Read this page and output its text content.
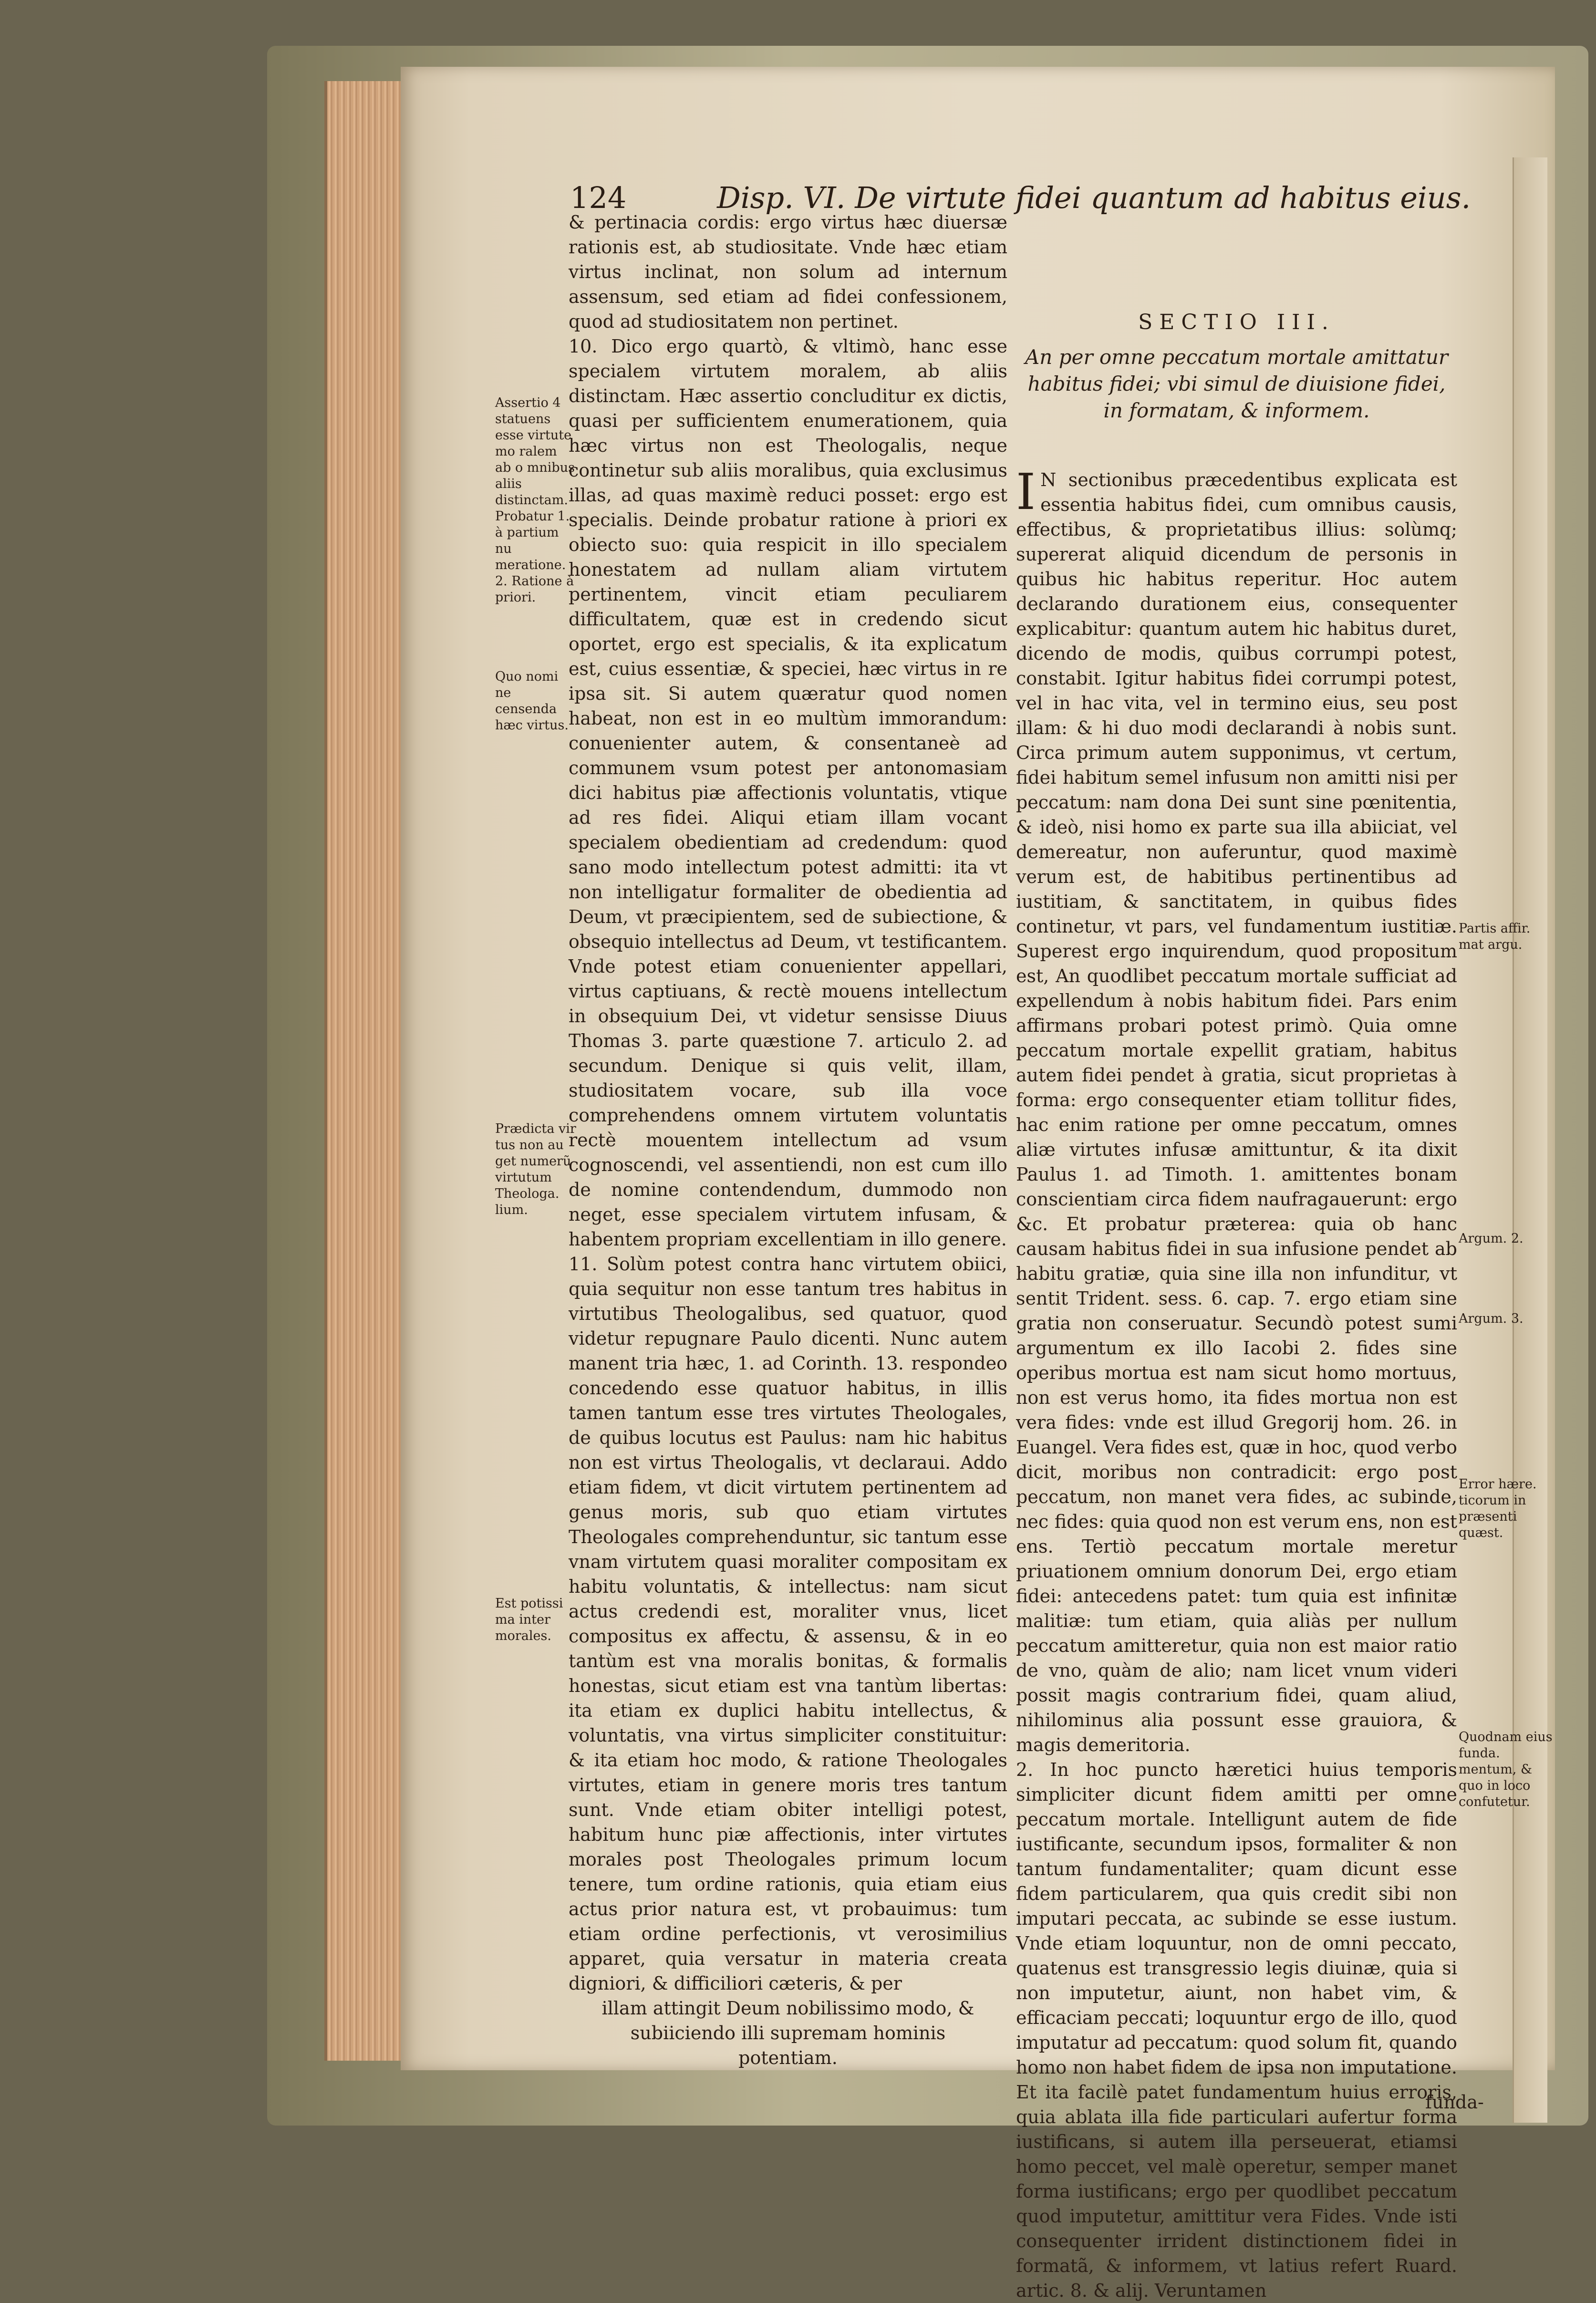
124	Disp. VI. De virtute fidei quantum ad habitus eius.
Assertio 4 statuens esse virtute mo ralem ab o mnibus aliis distinctam. Probatur 1. à partium nu meratione. 2. Ratione à priori.
Quo nomi ne censenda hæc virtus.
Prædicta vir tus non au get numerũ virtutum Theologa. lium.
Est potissi ma inter morales.

& pertinacia cordis: ergo virtus hæc diuersæ rationis est, ab studiositate. Vnde hæc etiam virtus inclinat, non solum ad internum assensum, sed etiam ad fidei confessionem, quod ad studiositatem non pertinet.

10. Dico ergo quartò, & vltimò, hanc esse specialem virtutem moralem, ab aliis distinctam. Hæc assertio concluditur ex dictis, quasi per sufficientem enumerationem, quia hæc virtus non est Theologalis, neque continetur sub aliis moralibus, quia exclusimus illas, ad quas maximè reduci posset: ergo est specialis. Deinde probatur ratione à priori ex obiecto suo: quia respicit in illo specialem honestatem ad nullam aliam virtutem pertinentem, vincit etiam peculiarem difficultatem, quæ est in credendo sicut oportet, ergo est specialis, & ita explicatum est, cuius essentiæ, & speciei, hæc virtus in re ipsa sit. Si autem quæratur quod nomen habeat, non est in eo multùm immorandum: conuenienter autem, & consentaneè ad communem vsum potest per antonomasiam dici habitus piæ affectionis voluntatis, vtique ad res fidei. Aliqui etiam illam vocant specialem obedientiam ad credendum: quod sano modo intellectum potest admitti: ita vt non intelligatur formaliter de obedientia ad Deum, vt præcipientem, sed de subiectione, & obsequio intellectus ad Deum, vt testificantem. Vnde potest etiam conuenienter appellari, virtus captiuans, & rectè mouens intellectum in obsequium Dei, vt videtur sensisse Diuus Thomas 3. parte quæstione 7. articulo 2. ad secundum. Denique si quis velit, illam, studiositatem vocare, sub illa voce comprehendens omnem virtutem voluntatis rectè mouentem intellectum ad vsum cognoscendi, vel assentiendi, non est cum illo de nomine contendendum, dummodo non neget, esse specialem virtutem infusam, & habentem propriam excellentiam in illo genere.

11. Solùm potest contra hanc virtutem obiici, quia sequitur non esse tantum tres habitus in virtutibus Theologalibus, sed quatuor, quod videtur repugnare Paulo dicenti. Nunc autem manent tria hæc, 1. ad Corinth. 13. respondeo concedendo esse quatuor habitus, in illis tamen tantum esse tres virtutes Theologales, de quibus locutus est Paulus: nam hic habitus non est virtus Theologalis, vt declaraui. Addo etiam fidem, vt dicit virtutem pertinentem ad genus moris, sub quo etiam virtutes Theologales comprehenduntur, sic tantum esse vnam virtutem quasi moraliter compositam ex habitu voluntatis, & intellectus: nam sicut actus credendi est, moraliter vnus, licet compositus ex affectu, & assensu, & in eo tantùm est vna moralis bonitas, & formalis honestas, sicut etiam est vna tantùm libertas: ita etiam ex duplici habitu intellectus, & voluntatis, vna virtus simpliciter constituitur: & ita etiam hoc modo, & ratione Theologales virtutes, etiam in genere moris tres tantum sunt. Vnde etiam obiter intelligi potest, habitum hunc piæ affectionis, inter virtutes morales post Theologales primum locum tenere, tum ordine rationis, quia etiam eius actus prior natura est, vt probauimus: tum etiam ordine perfectionis, vt verosimilius apparet, quia versatur in materia creata digniori, & difficiliori cæteris, & per

illam attingit Deum nobilissimo modo, &

subiiciendo illi supremam hominis

potentiam.

SECTIO III.

An per omne peccatum mortale amittatur habitus fidei; vbi simul de diuisione fidei, in formatam, & informem.

I N sectionibus præcedentibus explicata est essentia habitus fidei, cum omnibus causis, effectibus, & proprietatibus illius: solùmq; supererat aliquid dicendum de personis in quibus hic habitus reperitur. Hoc autem declarando durationem eius, consequenter explicabitur: quantum autem hic habitus duret, dicendo de modis, quibus corrumpi potest, constabit. Igitur habitus fidei corrumpi potest, vel in hac vita, vel in termino eius, seu post illam: & hi duo modi declarandi à nobis sunt. Circa primum autem supponimus, vt certum, fidei habitum semel infusum non amitti nisi per peccatum: nam dona Dei sunt sine pœnitentia, & ideò, nisi homo ex parte sua illa abiiciat, vel demereatur, non auferuntur, quod maximè verum est, de habitibus pertinentibus ad iustitiam, & sanctitatem, in quibus fides continetur, vt pars, vel fundamentum iustitiæ. Superest ergo inquirendum, quod propositum est, An quodlibet peccatum mortale sufficiat ad expellendum à nobis habitum fidei. Pars enim affirmans probari potest primò. Quia omne peccatum mortale expellit gratiam, habitus autem fidei pendet à gratia, sicut proprietas à forma: ergo consequenter etiam tollitur fides, hac enim ratione per omne peccatum, omnes aliæ virtutes infusæ amittuntur, & ita dixit Paulus 1. ad Timoth. 1. amittentes bonam conscientiam circa fidem naufragauerunt: ergo &c. Et probatur præterea: quia ob hanc causam habitus fidei in sua infusione pendet ab habitu gratiæ, quia sine illa non infunditur, vt sentit Trident. sess. 6. cap. 7. ergo etiam sine gratia non conseruatur. Secundò potest sumi argumentum ex illo Iacobi 2. fides sine operibus mortua est nam sicut homo mortuus, non est verus homo, ita fides mortua non est vera fides: vnde est illud Gregorij hom. 26. in Euangel. Vera fides est, quæ in hoc, quod verbo dicit, moribus non contradicit: ergo post peccatum, non manet vera fides, ac subinde, nec fides: quia quod non est verum ens, non est ens. Tertiò peccatum mortale meretur priuationem omnium donorum Dei, ergo etiam fidei: antecedens patet: tum quia est infinitæ malitiæ: tum etiam, quia aliàs per nullum peccatum amitteretur, quia non est maior ratio de vno, quàm de alio; nam licet vnum videri possit magis contrarium fidei, quam aliud, nihilominus alia possunt esse grauiora, & magis demeritoria.

2. In hoc puncto hæretici huius temporis simpliciter dicunt fidem amitti per omne peccatum mortale. Intelligunt autem de fide iustificante, secundum ipsos, formaliter & non tantum fundamentaliter; quam dicunt esse fidem particularem, qua quis credit sibi non imputari peccata, ac subinde se esse iustum. Vnde etiam loquuntur, non de omni peccato, quatenus est transgressio legis diuinæ, quia si non imputetur, aiunt, non habet vim, & efficaciam peccati; loquuntur ergo de illo, quod imputatur ad peccatum: quod solum fit, quando homo non habet fidem de ipsa non imputatione. Et ita facilè patet fundamentum huius erroris, quia ablata illa fide particulari aufertur forma iustificans, si autem illa perseuerat, etiamsi homo peccet, vel malè operetur, semper manet forma iustificans; ergo per quodlibet peccatum quod imputetur, amittitur vera Fides. Vnde isti consequenter irrident distinctionem fidei in formatã, & informem, vt latius refert Ruard. artic. 8. & alij. Veruntamen

Partis affir. mat argu.
Argum. 2.
Argum. 3.
Error hære. ticorum in præsenti quæst.
Quodnam eius funda. mentum, & quo in loco confutetur.
funda-
